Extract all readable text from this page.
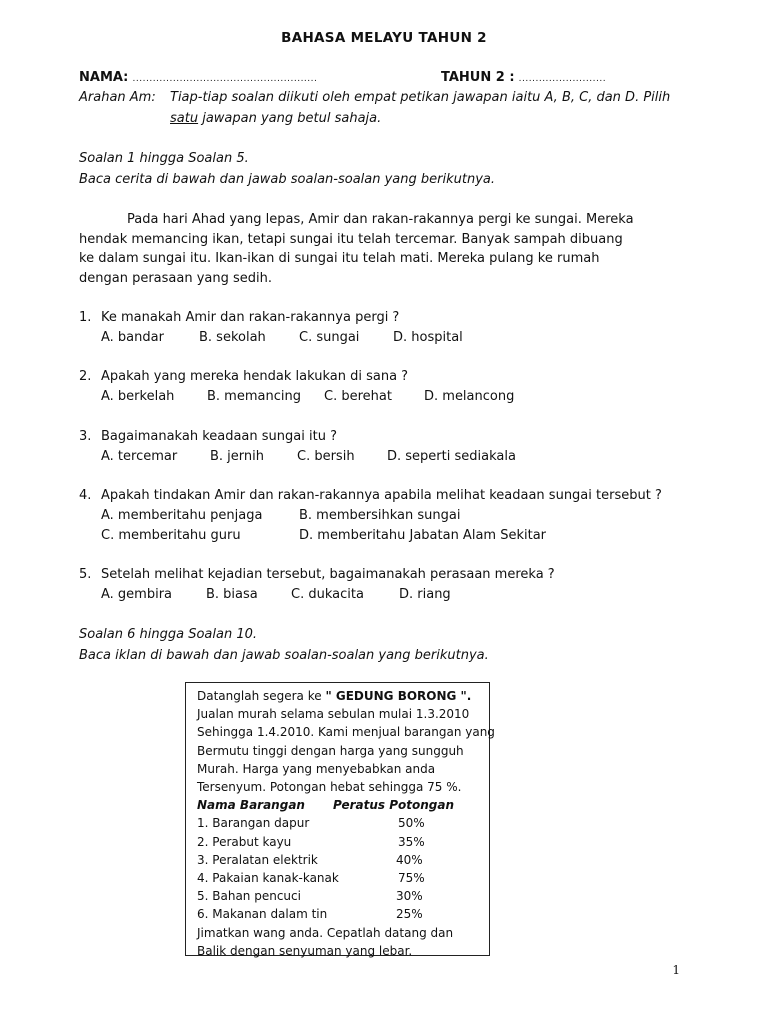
BAHASA MELAYU TAHUN 2
NAMA: .......................................................	TAHUN 2 : ..........................
Arahan Am: Tiap-tiap soalan diikuti oleh empat petikan jawapan iaitu A, B, C, dan D. Pilih
satu jawapan yang betul sahaja.
Soalan 1 hingga Soalan 5.
Baca cerita di bawah dan jawab soalan-soalan yang berikutnya.
Pada hari Ahad yang lepas, Amir dan rakan-rakannya pergi ke sungai. Mereka
hendak memancing ikan, tetapi sungai itu telah tercemar. Banyak sampah dibuang
ke dalam sungai itu. Ikan-ikan di sungai itu telah mati. Mereka pulang ke rumah
dengan perasaan yang sedih.
1. Ke manakah Amir dan rakan-rakannya pergi ?
A. bandar	B. sekolah	C. sungai	D. hospital
2. Apakah yang mereka hendak lakukan di sana ?
A. berkelah	B. memancing C. berehat D. melancong
3. Bagaimanakah keadaan sungai itu ?
A. tercemar	B. jernih	C. bersih D. seperti sediakala
4. Apakah tindakan Amir dan rakan-rakannya apabila melihat keadaan sungai tersebut ?
A. memberitahu penjaga	B. membersihkan sungai
C. memberitahu guru	D. memberitahu Jabatan Alam Sekitar
5. Setelah melihat kejadian tersebut, bagaimanakah perasaan mereka ?
A. gembira	B. biasa	C. dukacita	D. riang
Soalan 6 hingga Soalan 10.
Baca iklan di bawah dan jawab soalan-soalan yang berikutnya.
Datanglah segera ke " GEDUNG BORONG ".
Jualan murah selama sebulan mulai 1.3.2010
Sehingga 1.4.2010. Kami menjual barangan yang
Bermutu tinggi dengan harga yang sungguh
Murah. Harga yang menyebabkan anda
Tersenyum. Potongan hebat sehingga 75 %.
Nama Barangan Peratus Potongan
1. Barangan dapur	50%
2. Perabut kayu	35%
3. Peralatan elektrik	40%
4. Pakaian kanak-kanak	75%
5. Bahan pencuci	30%
6. Makanan dalam tin	25%
Jimatkan wang anda. Cepatlah datang dan
Balik dengan senyuman yang lebar.
1
